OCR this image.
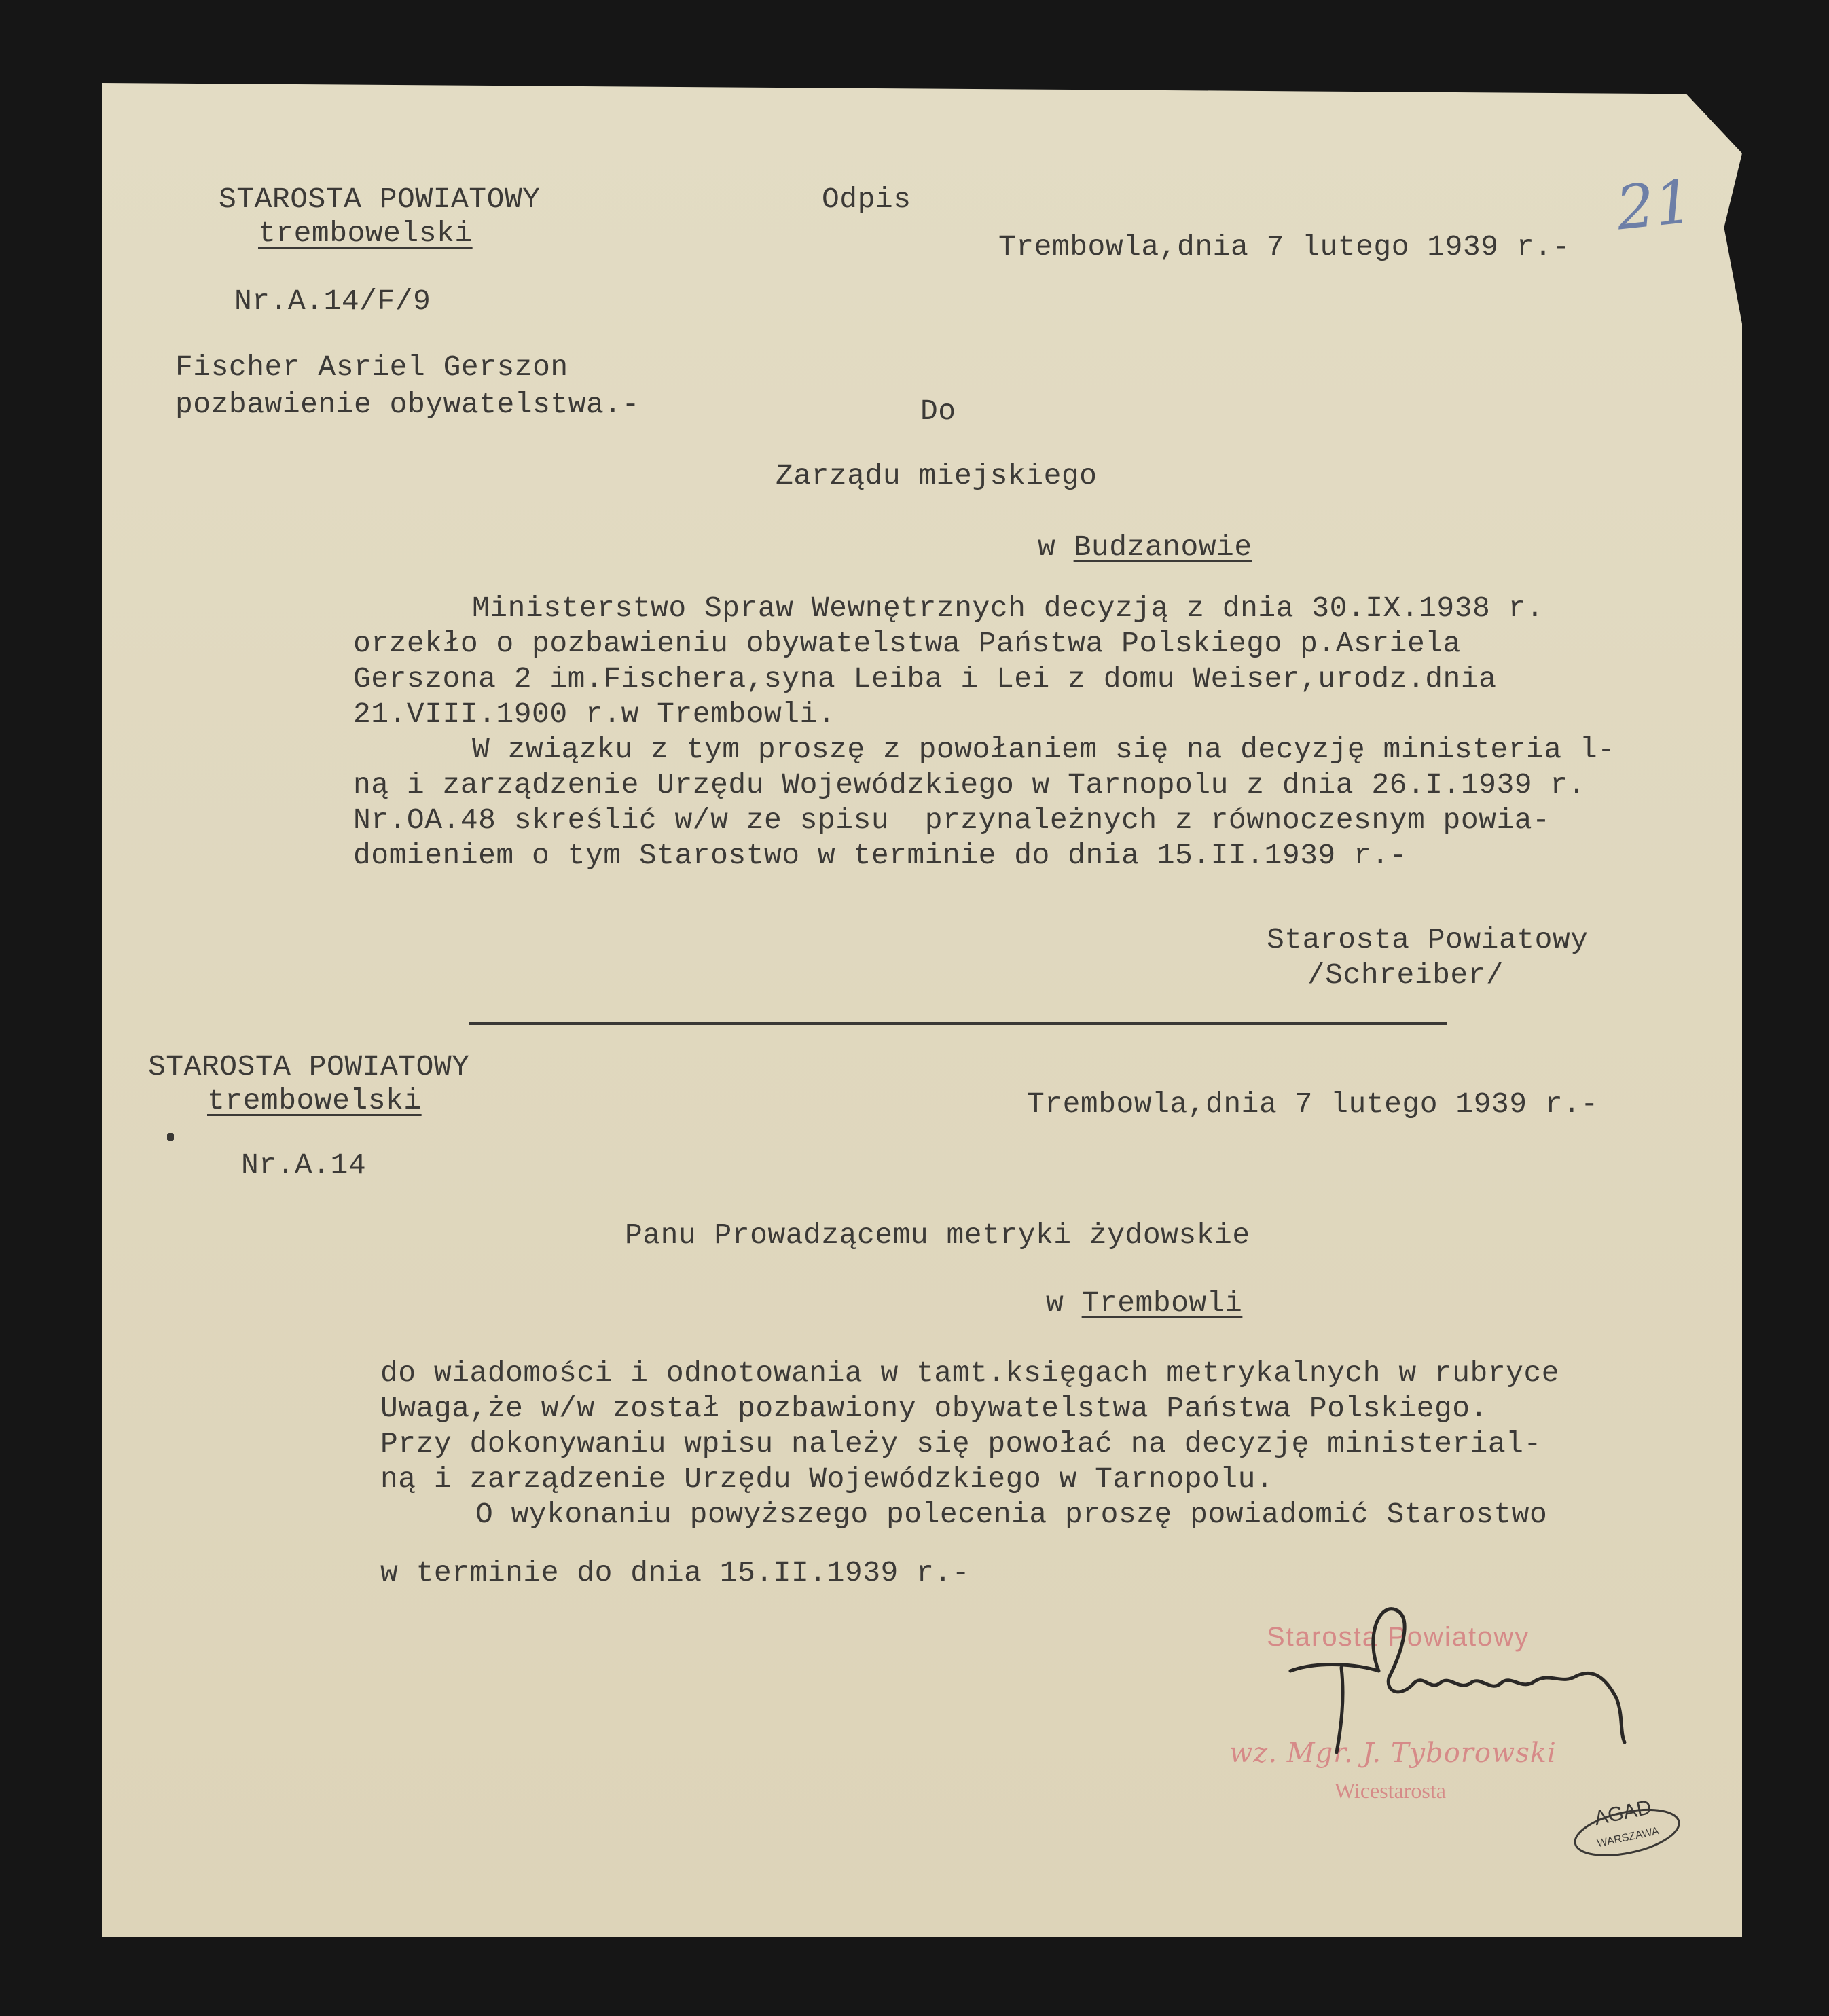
21
STAROSTA POWIATOWY
trembowelski
Odpis
Trembowla,dnia 7 lutego 1939 r.-
Nr.A.14/F/9
Fischer Asriel Gerszon
pozbawienie obywatelstwa.-	Do
Zarządu miejskiego
w Budzanowie
Ministerstwo Spraw Wewnętrznych decyzją z dnia 30.IX.1938 r.
orzekło o pozbawieniu obywatelstwa Państwa Polskiego p.Asriela
Gerszona 2 im.Fischera,syna Leiba i Lei z domu Weiser,urodz.dnia
21.VIII.1900 r.w Trembowli.
W związku z tym proszę z powołaniem się na decyzję ministeria l-
ną i zarządzenie Urzędu Wojewódzkiego w Tarnopolu z dnia 26.I.1939 r.
Nr.OA.48 skreślić w/w ze spisu  przynależnych z równoczesnym powia-
domieniem o tym Starostwo w terminie do dnia 15.II.1939 r.-
Starosta Powiatowy
/Schreiber/
STAROSTA POWIATOWY
trembowelski	Trembowla,dnia 7 lutego 1939 r.-
Nr.A.14
Panu Prowadzącemu metryki żydowskie
w Trembowli
do wiadomości i odnotowania w tamt.księgach metrykalnych w rubryce
Uwaga,że w/w został pozbawiony obywatelstwa Państwa Polskiego.
Przy dokonywaniu wpisu należy się powołać na decyzję ministerial-
ną i zarządzenie Urzędu Wojewódzkiego w Tarnopolu.
O wykonaniu powyższego polecenia proszę powiadomić Starostwo
w terminie do dnia 15.II.1939 r.-
Starosta Powiatowy
wz. Mgr. J. Tyborowski
Wicestarosta
AGAD
WARSZAWA
